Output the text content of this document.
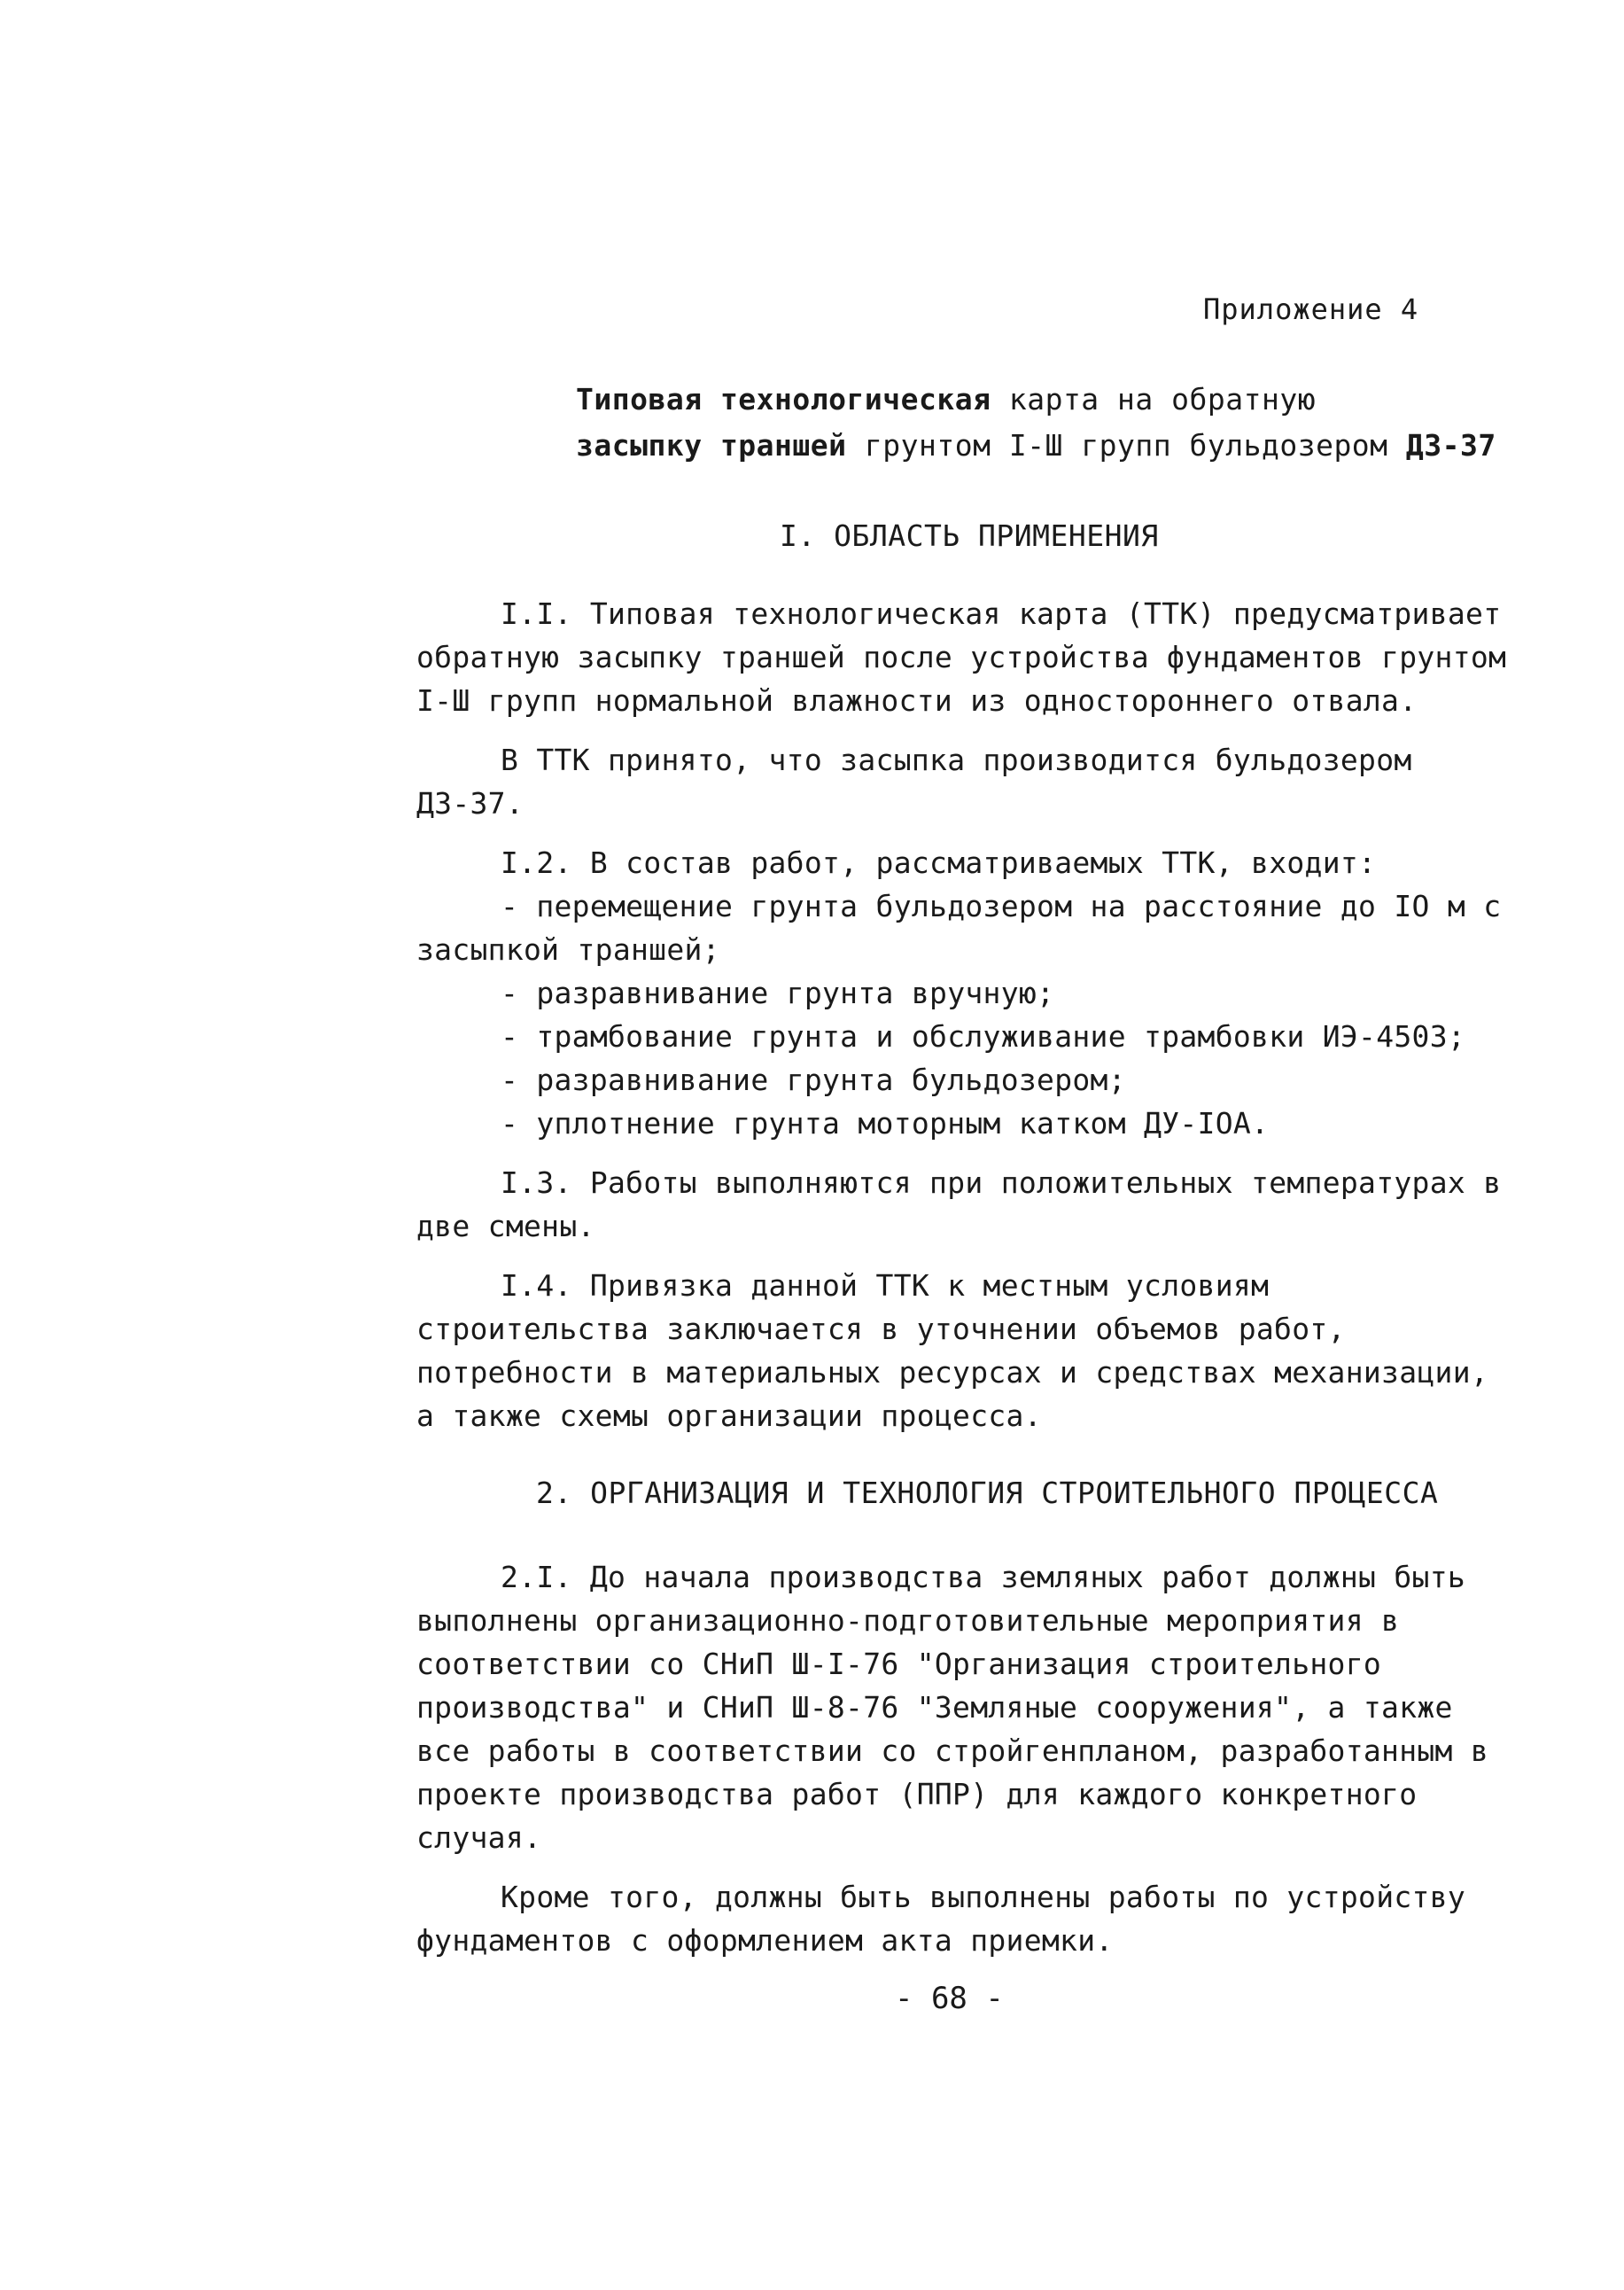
Приложение 4
Типовая технологическая карта на обратную
засыпку траншей грунтом I-Ш групп бульдозером ДЗ-37
I. ОБЛАСТЬ ПРИМЕНЕНИЯ

I.I. Типовая технологическая карта (ТТК) предусматривает обратную засыпку траншей после устройства фундаментов грунтом I-Ш групп нормальной влажности из одностороннего отвала.

В ТТК принято, что засыпка производится бульдозером ДЗ-37.

I.2. В состав работ, рассматриваемых ТТК, входит:

- перемещение грунта бульдозером на расстояние до IO м с засыпкой траншей;
- разравнивание грунта вручную;
- трамбование грунта и обслуживание трамбовки ИЭ-4503;
- разравнивание грунта бульдозером;
- уплотнение грунта моторным катком ДУ-IOA.

I.3. Работы выполняются при положительных температурах в две смены.

I.4. Привязка данной ТТК к местным условиям строительства заключается в уточнении объемов работ, потребности в материальных ресурсах и средствах механизации, а также схемы организации процесса.

2. ОРГАНИЗАЦИЯ И ТЕХНОЛОГИЯ СТРОИТЕЛЬНОГО ПРОЦЕССА

2.I. До начала производства земляных работ должны быть выполнены организационно-подготовительные мероприятия в соответствии со СНиП Ш-I-76 "Организация строительного производства" и СНиП Ш-8-76 "Земляные сооружения", а также все работы в соответствии со стройгенпланом, разработанным в проекте производства работ (ППР) для каждого конкретного случая.

Кроме того, должны быть выполнены работы по устройству фундаментов с оформлением акта приемки.

- 68 -
